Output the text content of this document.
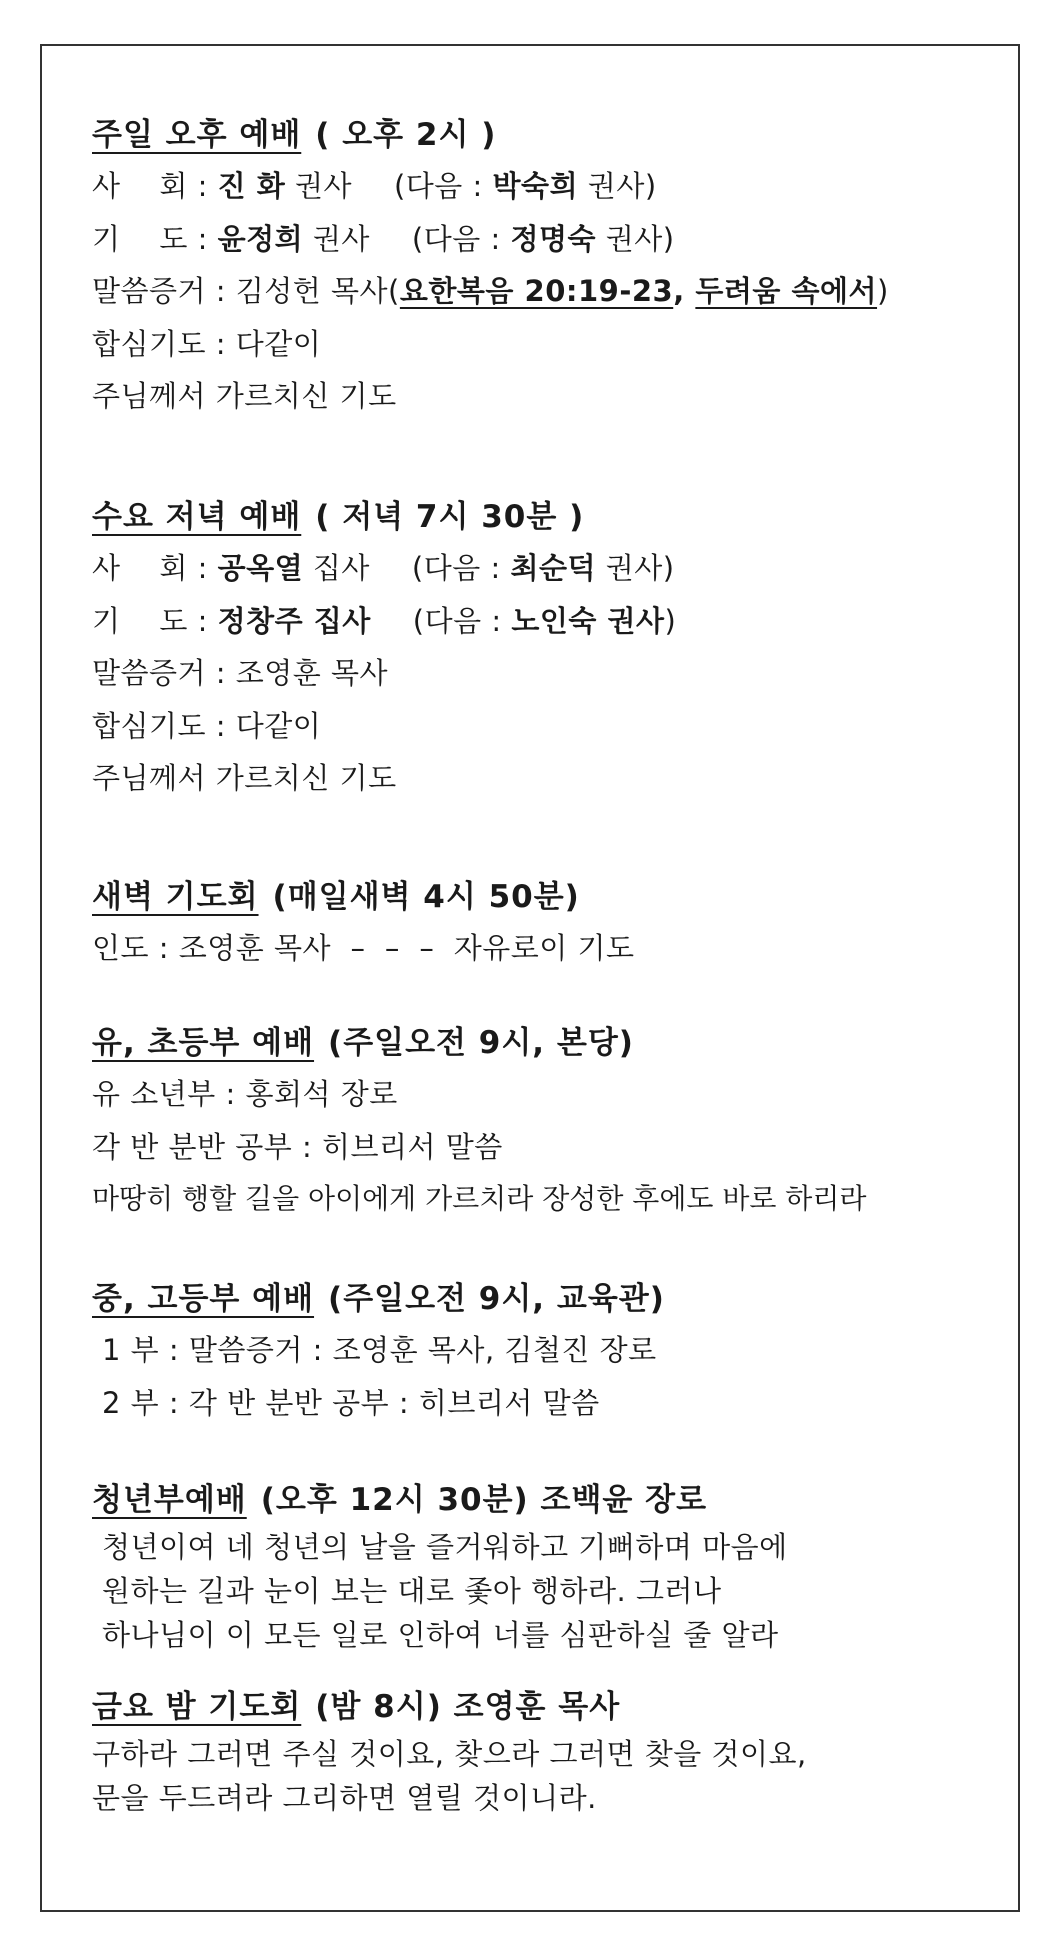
주일 오후 예배 ( 오후 2시 )
사    회 : 진 화 권사 (다음 : 박숙희 권사)
기    도 : 윤정희 권사 (다음 : 정명숙 권사)
말씀증거 : 김성헌 목사(요한복음 20:19-23, 두려움 속에서)
합심기도 : 다같이
주님께서 가르치신 기도
수요 저녁 예배 ( 저녁 7시 30분 )
사    회 : 공옥열 집사 (다음 : 최순덕 권사)
기    도 : 정창주 집사 (다음 : 노인숙 권사)
말씀증거 : 조영훈 목사
합심기도 : 다같이
주님께서 가르치신 기도
새벽 기도회 (매일새벽 4시 50분)
인도 : 조영훈 목사  –  –  –  자유로이 기도
유, 초등부 예배 (주일오전 9시, 본당)
유 소년부 : 홍회석 장로
각 반 분반 공부 : 히브리서 말씀
마땅히 행할 길을 아이에게 가르치라 장성한 후에도 바로 하리라
중, 고등부 예배 (주일오전 9시, 교육관)
1 부 : 말씀증거 : 조영훈 목사, 김철진 장로
2 부 : 각 반 분반 공부 : 히브리서 말씀
청년부예배 (오후 12시 30분) 조백윤 장로
청년이여 네 청년의 날을 즐거워하고 기뻐하며 마음에
원하는 길과 눈이 보는 대로 좇아 행하라. 그러나
하나님이 이 모든 일로 인하여 너를 심판하실 줄 알라
금요 밤 기도회 (밤 8시) 조영훈 목사
구하라 그러면 주실 것이요, 찾으라 그러면 찾을 것이요,
문을 두드려라 그리하면 열릴 것이니라.
